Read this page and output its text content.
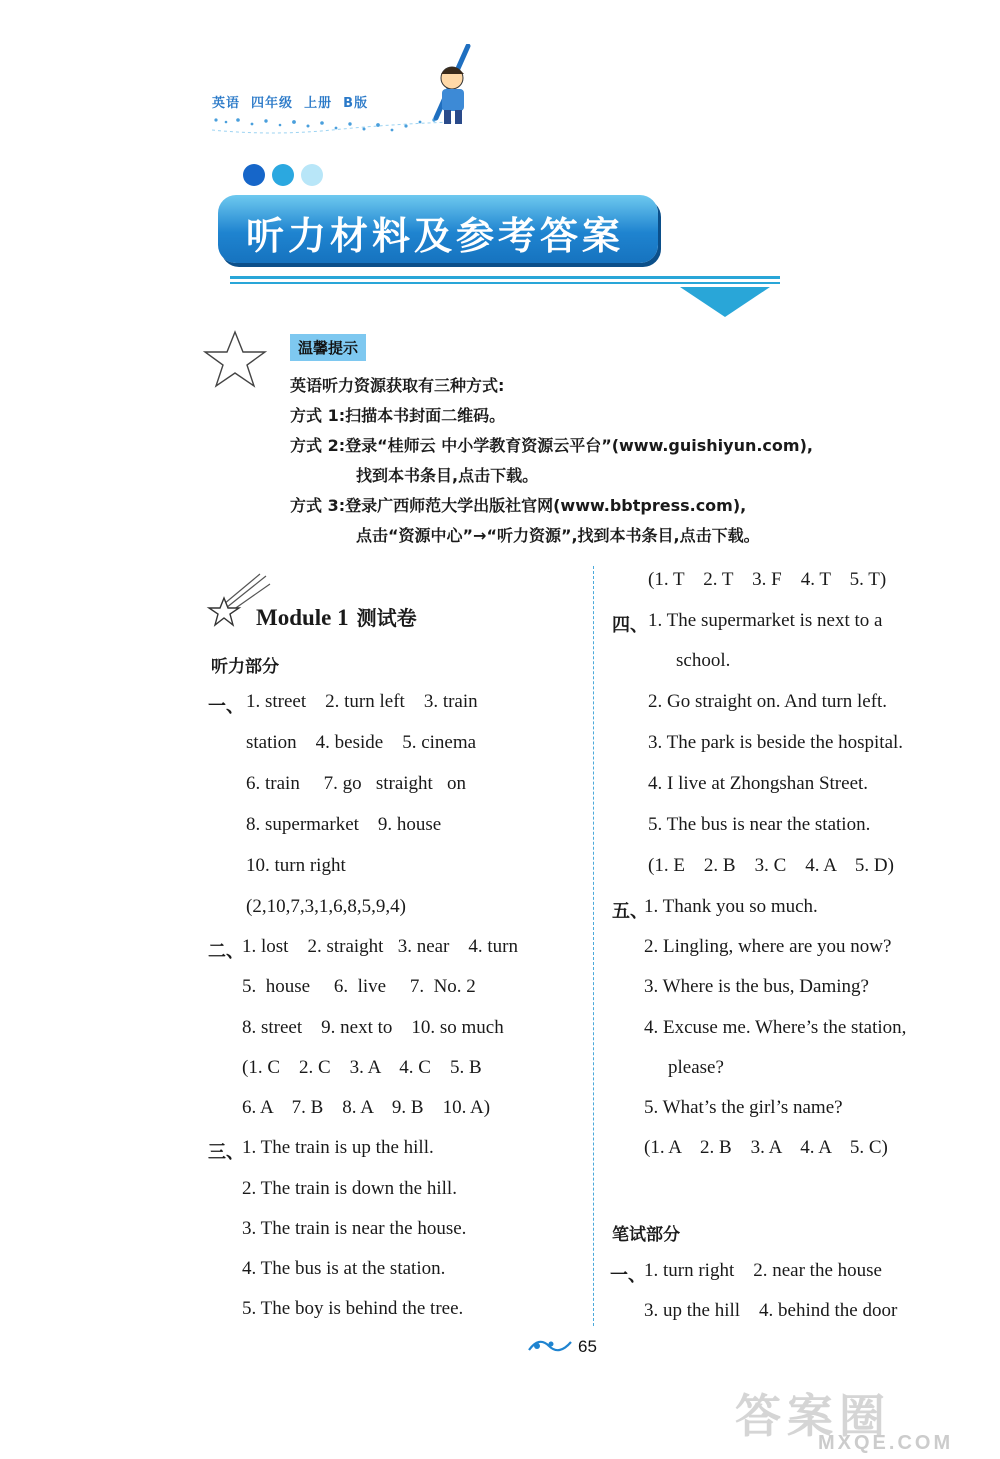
英语  四年级  上册  B版
听力材料及参考答案
温馨提示
英语听力资源获取有三种方式:
方式 1:扫描本书封面二维码。
方式 2:登录“桂师云 中小学教育资源云平台”(www.guishiyun.com),
找到本书条目,点击下载。
方式 3:登录广西师范大学出版社官网(www.bbtpress.com),
点击“资源中心”→“听力资源”,找到本书条目,点击下载。
Module 1 测试卷
听力部分
一、 1. street    2. turn left    3. train
station    4. beside    5. cinema
6. train     7. go   straight   on
8. supermarket    9. house
10. turn right
(2,10,7,3,1,6,8,5,9,4)
二、
1. lost    2. straight   3. near    4. turn
5.  house     6.  live     7.  No. 2
8. street    9. next to    10. so much
(1. C    2. C    3. A    4. C    5. B
6. A    7. B    8. A    9. B    10. A)
三、
1. The train is up the hill.
2. The train is down the hill.
3. The train is near the house.
4. The bus is at the station.
5. The boy is behind the tree.
(1. T    2. T    3. F    4. T    5. T)
四、 1. The supermarket is next to a
school.
2. Go straight on. And turn left.
3. The park is beside the hospital.
4. I live at Zhongshan Street.
5. The bus is near the station.
(1. E    2. B    3. C    4. A    5. D)
五、
1. Thank you so much.
2. Lingling, where are you now?
3. Where is the bus, Daming?
4. Excuse me. Where’s the station,
please?
5. What’s the girl’s name?
(1. A    2. B    3. A    4. A    5. C)
笔试部分
一、
1. turn right    2. near the house
3. up the hill    4. behind the door
65
答案圈
MXQE.COM
